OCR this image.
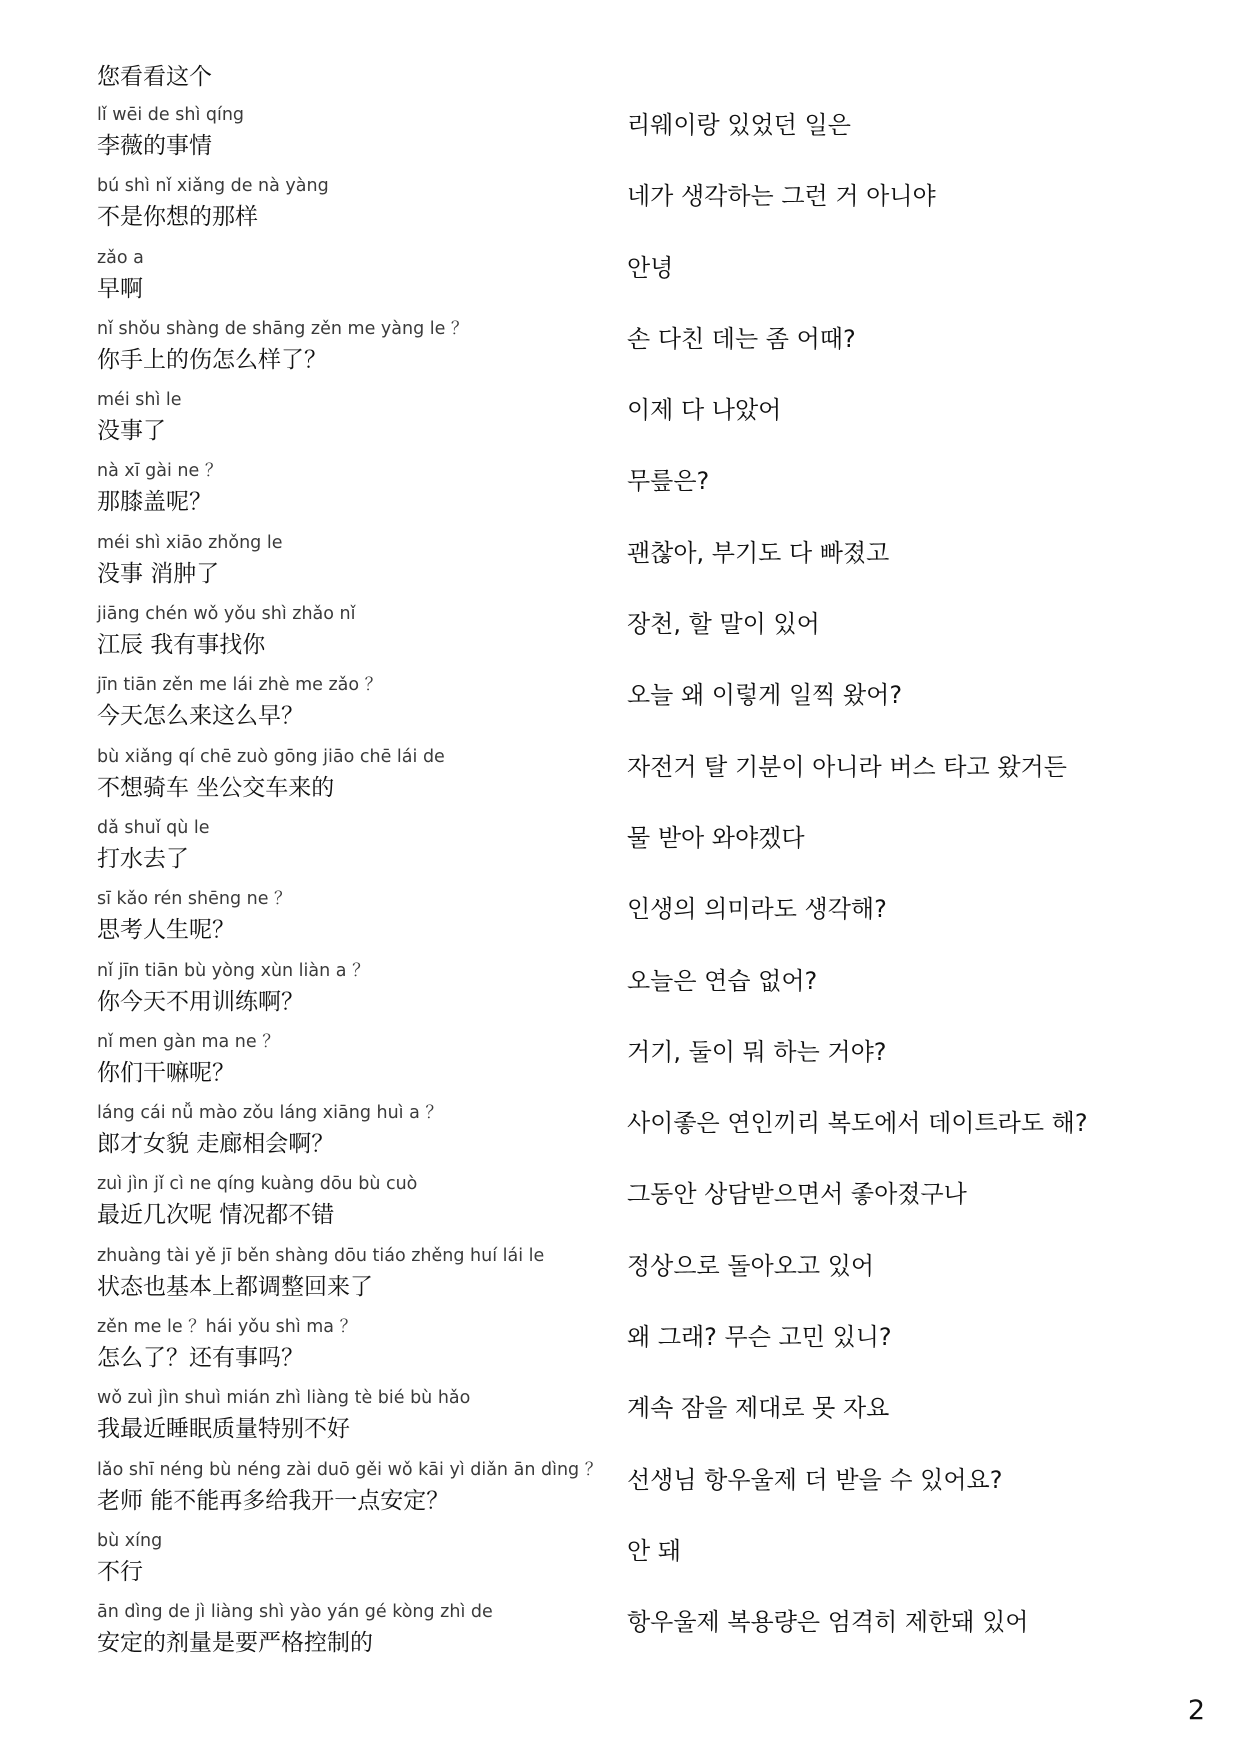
您看看这个
lǐ wēi de shì qíng
李薇的事情
bú shì nǐ xiǎng de nà yàng
不是你想的那样
zǎo a
早啊
nǐ shǒu shàng de shāng zěn me yàng le ？
你手上的伤怎么样了？
méi shì le
没事了
nà xī gài ne ？
那膝盖呢？
méi shì xiāo zhǒng le
没事 消肿了
jiāng chén wǒ yǒu shì zhǎo nǐ
江辰 我有事找你
jīn tiān zěn me lái zhè me zǎo ？
今天怎么来这么早？
bù xiǎng qí chē zuò gōng jiāo chē lái de
不想骑车 坐公交车来的
dǎ shuǐ qù le
打水去了
sī kǎo rén shēng ne ？
思考人生呢？
nǐ jīn tiān bù yòng xùn liàn a ？
你今天不用训练啊？
nǐ men gàn ma ne ？
你们干嘛呢？
láng cái nǚ mào zǒu láng xiāng huì a ？
郎才女貌 走廊相会啊？
zuì jìn jǐ cì ne qíng kuàng dōu bù cuò
最近几次呢 情况都不错
zhuàng tài yě jī běn shàng dōu tiáo zhěng huí lái le
状态也基本上都调整回来了
zěn me le ？hái yǒu shì ma ？
怎么了？还有事吗？
wǒ zuì jìn shuì mián zhì liàng tè bié bù hǎo
我最近睡眠质量特别不好
lǎo shī néng bù néng zài duō gěi wǒ kāi yì diǎn ān dìng ？
老师 能不能再多给我开一点安定？
bù xíng
不行
ān dìng de jì liàng shì yào yán gé kòng zhì de
安定的剂量是要严格控制的
리웨이랑 있었던 일은
네가 생각하는 그런 거 아니야
안녕
손 다친 데는 좀 어때?
이제 다 나았어
무릎은?
괜찮아, 부기도 다 빠졌고
장천, 할 말이 있어
오늘 왜 이렇게 일찍 왔어?
자전거 탈 기분이 아니라 버스 타고 왔거든
물 받아 와야겠다
인생의 의미라도 생각해?
오늘은 연습 없어?
거기, 둘이 뭐 하는 거야?
사이좋은 연인끼리 복도에서 데이트라도 해?
그동안 상담받으면서 좋아졌구나
정상으로 돌아오고 있어
왜 그래? 무슨 고민 있니?
계속 잠을 제대로 못 자요
선생님 항우울제 더 받을 수 있어요?
안 돼
항우울제 복용량은 엄격히 제한돼 있어
2
